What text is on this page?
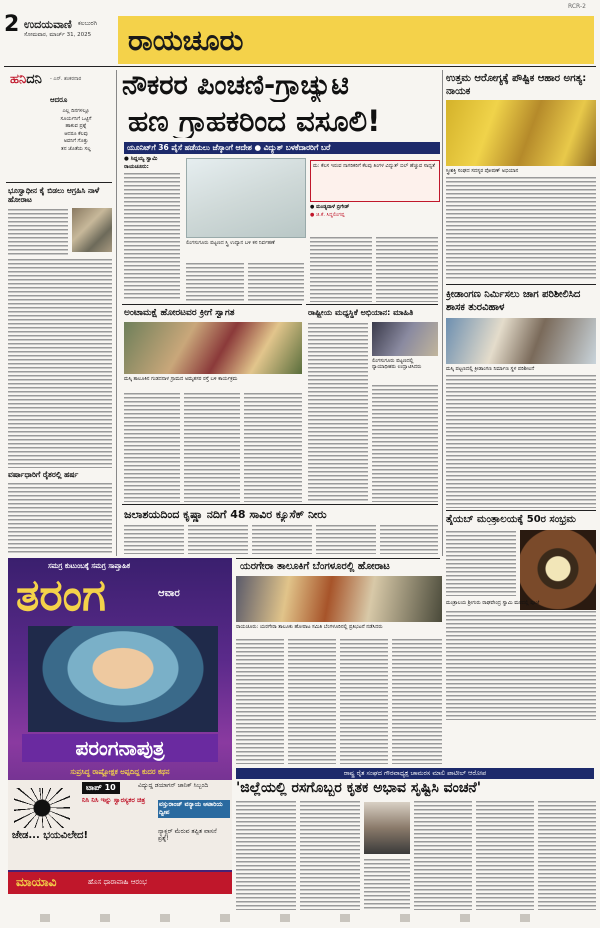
2 ಉದಯವಾಣಿ ಕಲಬುರಗಿ
ಸೋಮವಾರ, ಮಾರ್ಚ್ 31, 2025 ರಾಯಚೂರು
RCR-2
ಹನಿದನಿ - ಎನ್. ಶಂಕರನಾರ
ಆದರೂ
ಎಲ್ಲ ದಿನಗಳಲ್ಲೂ
ಸೂರ್ಯನಿಗೆ ಒಟ್ಟಿಗೆ
ಹಾಕುವ ಪ್ರಶ್ನೆ
ಆದರೂ ಕೆಲವು
ಅವನಿಗೆ ಗೊತ್ತು
ತನ ಜೊತೆಯ ಸಲ್ಲ
ಭೂಸ್ವಾಧೀನ ಕೈ ಬಿಡಲು ಆಗ್ರಹಿಸಿ ನಾಳೆ ಹೋರಾಟ
ವರ್ಷಾಧಾರಿಗೆ ರೈತರಲ್ಲಿ ಹರ್ಷ
ನೌಕರರ ಪಿಂಚಣಿ-ಗ್ರಾಚ್ಯುಟಿ
ಹಣ ಗ್ರಾಹಕರಿಂದ ವಸೂಲಿ!
ಯೂನಿಟ್‌ಗೆ 36 ಪೈಸೆ ಹಡೆಯಲು ಜೆಸ್ಕಾಂಗೆ ಆದೇಶ ● ವಿದ್ಯುತ್ ಬಳಕೆದಾರರಿಗೆ ಬರೆ
● ಸಿದ್ದಯ್ಯ ಸ್ವಾಮಿ
ರಾಯಚೂರು:
ಲಿಂಗಸುಗೂರು ಪಟ್ಟಣದ ಸ್ತ್ರಿ ಉದ್ಯಾನ ಬಳಿ ಕಸ ನಿರ್ವಹಣೆ
ಮ: ಕೆಲಸ ಇರುವ ನಾಗರಿಕರಿಗೆ ಕೆಲವು ತಿಂಗಳ ವಿದ್ಯುತ್ ಬಿಲ್ ಹೆಚ್ಚುವ ಸಾಧ್ಯತೆ
● ಮಂಡ್ಯದಾಳೆ ಬ್ರಿಗೇಡ್
● ಜಿ.ಕೆ. ಸಿದ್ದಲಿಂಗಪ್ಪ
ಅಂಟಾಮಕ್ಷೆ ಹೋರಟವರ ಕ್ರೀಗೆ ಸ್ವಾಗತ
ಮಸ್ಕಿ ತಾಲೂಕಿನ ಗುಡದನಾಳ ಗ್ರಾಮದ ಅಮೃತಸರ ರಸ್ತೆ ಬಳಿ ಕಾರ್ಯಕ್ರಮ
ರಾಷ್ಟ್ರೀಯ ಮಧ್ಯಸ್ಥಿಕೆ ಅಭಿಯಾನ: ಮಾಹಿತಿ
ಲಿಂಗಸುಗೂರು ಪಟ್ಟಣದಲ್ಲಿ ನ್ಯಾಯಾಧೀಶರು ಉದ್ಘಾಟಿಸಿದರು
ಜಲಾಶಯದಿಂದ ಕೃಷ್ಣಾ ನದಿಗೆ 48 ಸಾವಿರ ಕ್ಯೂಸೆಕ್ ನೀರು
ಉತ್ತಮ ಆರೋಗ್ಯಕ್ಕೆ ಪೌಷ್ಟಿಕ ಆಹಾರ ಅಗತ್ಯ: ನಾಯಕ
ಸ್ತ್ರೀಶಕ್ತಿ ಸಂಘದ ಸದಸ್ಯರ ಪೋಷಣ್ ಅಭಿಯಾನ
ಕ್ರೀಡಾಂಗಣ ನಿರ್ಮಿಸಲು ಜಾಗ ಪರಿಶೀಲಿಸಿದ ಶಾಸಕ ತುರವಿಹಾಳ
ಮಸ್ಕಿ ಪಟ್ಟಣದಲ್ಲಿ ಕ್ರೀಡಾಂಗಣ ನಿರ್ಮಾಣ ಸ್ಥಳ ಪರಿಶೀಲನೆ
ತೈಯಬ್ ಮಂತ್ರಾಲಯಕ್ಕೆ 50ರ ಸಂಭ್ರಮ
ಮಂತ್ರಾಲಯ ಶ್ರೀಗುರು ರಾಘವೇಂದ್ರ ಸ್ವಾಮಿ ಮಠದಲ್ಲಿ ಪೂಜೆ
ಯರಗೇರಾ ತಾಲೂಕಿಗೆ ಬೆಂಗಳೂರಲ್ಲಿ ಹೋರಾಟ
ರಾಯಚೂರು: ಯರಗೇರಾ ತಾಲೂಕು ಹೋರಾಟ ಸಮಿತಿ ಬೆಂಗಳೂರಿನಲ್ಲಿ ಪ್ರತಿಭಟನೆ ನಡೆಸಿದರು
ಸಮಗ್ರ ಕುಟುಂಬಕ್ಕೆ ಸಮಗ್ರ ಸಾಪ್ತಾಹಿಕ
ತರಂಗ	ಆವಾರ
ಪರಂಗನಾಪುತ್ರ
ಸುಪ್ರಸಿದ್ಧ ರಾಷ್ಟ್ರೋಕ್ಷಕ ಅಪ್ಪದಿದ್ದ ಕುದರ ಕಥನ
ಟಾಪ್ 10	ವಿದ್ಯುದ್ದ ಡಯಾಗನ್ ಜಾನಿಕ್ ಸಿಬ್ಬಂದಿ
ನಿಸಿ ನಿಸಿ ಇನ್ನು ಸ್ವಾರಸ್ಯಕರ ಚಿತ್ರ
ವಸ್ತುರಾಂಜ್ ವನ್ಯಾಯ ಆಟಾರಿಯ ದ್ವೀಪ
ಜೇಡ... ಭಯವಿಲೇದ!	ನ್ಯಾಕ್ಚರ್ ಮೆರುವ ತಪ್ಪಿತ ವಾಸನೆ ಪ್ರಶ್ನೆ!
ಮಾಯಾವಿ	ಹೊಸ ಧಾರಾವಾಹಿ ಆರಂಭ
ರಾಷ್ಟ್ರ ರೈತ ಸಂಘದ ಗೌರವಾಧ್ಯಕ್ಷ ಚಾಮರಸ ಮಾಲಿ ಪಾಟೀಲ್ ಆರೋಪ
'ಜಿಲ್ಲೆಯಲ್ಲಿ ರಸಗೊಬ್ಬರ ಕೃತಕ ಅಭಾವ ಸೃಷ್ಟಿಸಿ ವಂಚನೆ'
